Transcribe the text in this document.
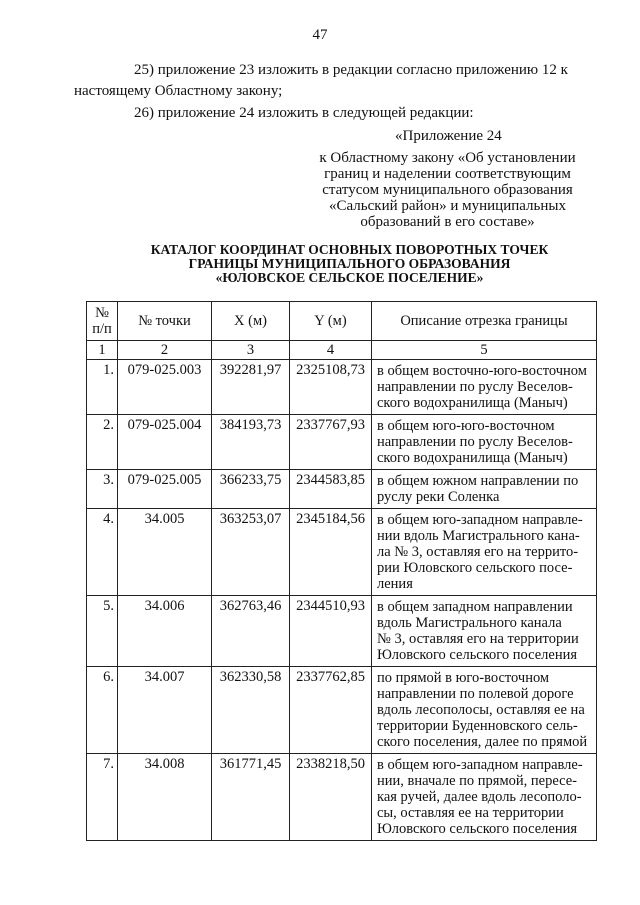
47
25) приложение 23 изложить в редакции согласно приложению 12 к
настоящему Областному закону;
26) приложение 24 изложить в следующей редакции:
«Приложение 24
к Областному закону «Об установлении
границ и наделении соответствующим
статусом муниципального образования
«Сальский район» и муниципальных
образований в его составе»
КАТАЛОГ КООРДИНАТ ОСНОВНЫХ ПОВОРОТНЫХ ТОЧЕК
ГРАНИЦЫ МУНИЦИПАЛЬНОГО ОБРАЗОВАНИЯ
«ЮЛОВСКОЕ СЕЛЬСКОЕ ПОСЕЛЕНИЕ»
№ п/п	№ точки	X (м)	Y (м)	Описание отрезка границы
1	2	3	4	5
1.	079-025.003	392281,97	2325108,73	в общем восточно-юго-восточном
направлении по руслу Веселов-
ского водохранилища (Маныч)

2.	079-025.004	384193,73	2337767,93	в общем юго-юго-восточном
направлении по руслу Веселов-
ского водохранилища (Маныч)

3.	079-025.005	366233,75	2344583,85	в общем южном направлении по
руслу реки Соленка

4.	34.005	363253,07	2345184,56	в общем юго-западном направле-
нии вдоль Магистрального кана-
ла № 3, оставляя его на террито-
рии Юловского сельского посе-
ления

5.	34.006	362763,46	2344510,93	в общем западном направлении
вдоль Магистрального канала
№ 3, оставляя его на территории
Юловского сельского поселения

6.	34.007	362330,58	2337762,85	по прямой в юго-восточном
направлении по полевой дороге
вдоль лесополосы, оставляя ее на
территории Буденновского сель-
ского поселения, далее по прямой

7.	34.008	361771,45	2338218,50	в общем юго-западном направле-
нии, вначале по прямой, пересе-
кая ручей, далее вдоль лесополо-
сы, оставляя ее на территории
Юловского сельского поселения
